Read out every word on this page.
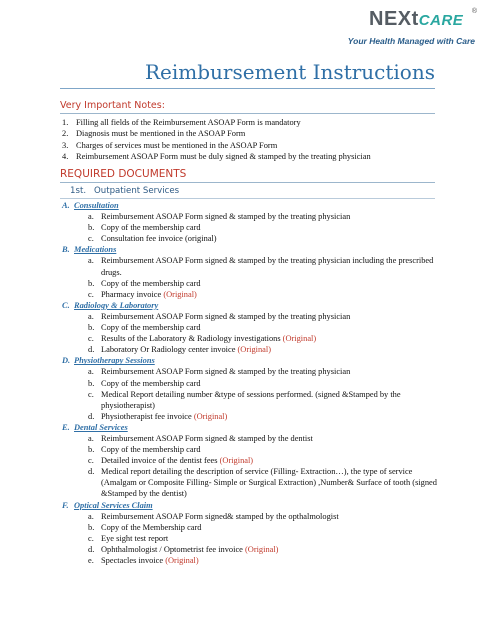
NEXtCARE
®
Your Health Managed with Care
Reimbursement Instructions
Very Important Notes:
1. Filling all fields of the Reimbursement ASOAP Form is mandatory
2. Diagnosis must be mentioned in the ASOAP Form
3. Charges of services must be mentioned in the ASOAP Form
4. Reimbursement ASOAP Form must be duly signed & stamped by the treating physician
REQUIRED DOCUMENTS
1st. Outpatient Services
A. Consultation
a. Reimbursement ASOAP Form signed & stamped by the treating physician
b. Copy of the membership card
c. Consultation fee invoice (original)
B. Medications
a. Reimbursement ASOAP Form signed & stamped by the treating physician including the prescribed drugs.
b. Copy of the membership card
c. Pharmacy invoice (Original)
C. Radiology & Laboratory
a. Reimbursement ASOAP Form signed & stamped by the treating physician
b. Copy of the membership card
c. Results of the Laboratory & Radiology investigations (Original)
d. Laboratory Or Radiology center invoice (Original)
D. Physiotherapy Sessions
a. Reimbursement ASOAP Form signed & stamped by the treating physician
b. Copy of the membership card
c. Medical Report detailing number &type of sessions performed. (signed &Stamped by the physiotherapist)
d. Physiotherapist fee invoice (Original)
E. Dental Services
a. Reimbursement ASOAP Form signed & stamped by the dentist
b. Copy of the membership card
c. Detailed invoice of the dentist fees (Original)
d. Medical report detailing the description of service (Filling- Extraction…), the type of service (Amalgam or Composite Filling- Simple or Surgical Extraction) ,Number& Surface of tooth (signed &Stamped by the dentist)
F. Optical Services Claim
a. Reimbursement ASOAP Form signed& stamped by the opthalmologist
b. Copy of the Membership card
c. Eye sight test report
d. Ophthalmologist / Optometrist fee invoice (Original)
e. Spectacles invoice (Original)
